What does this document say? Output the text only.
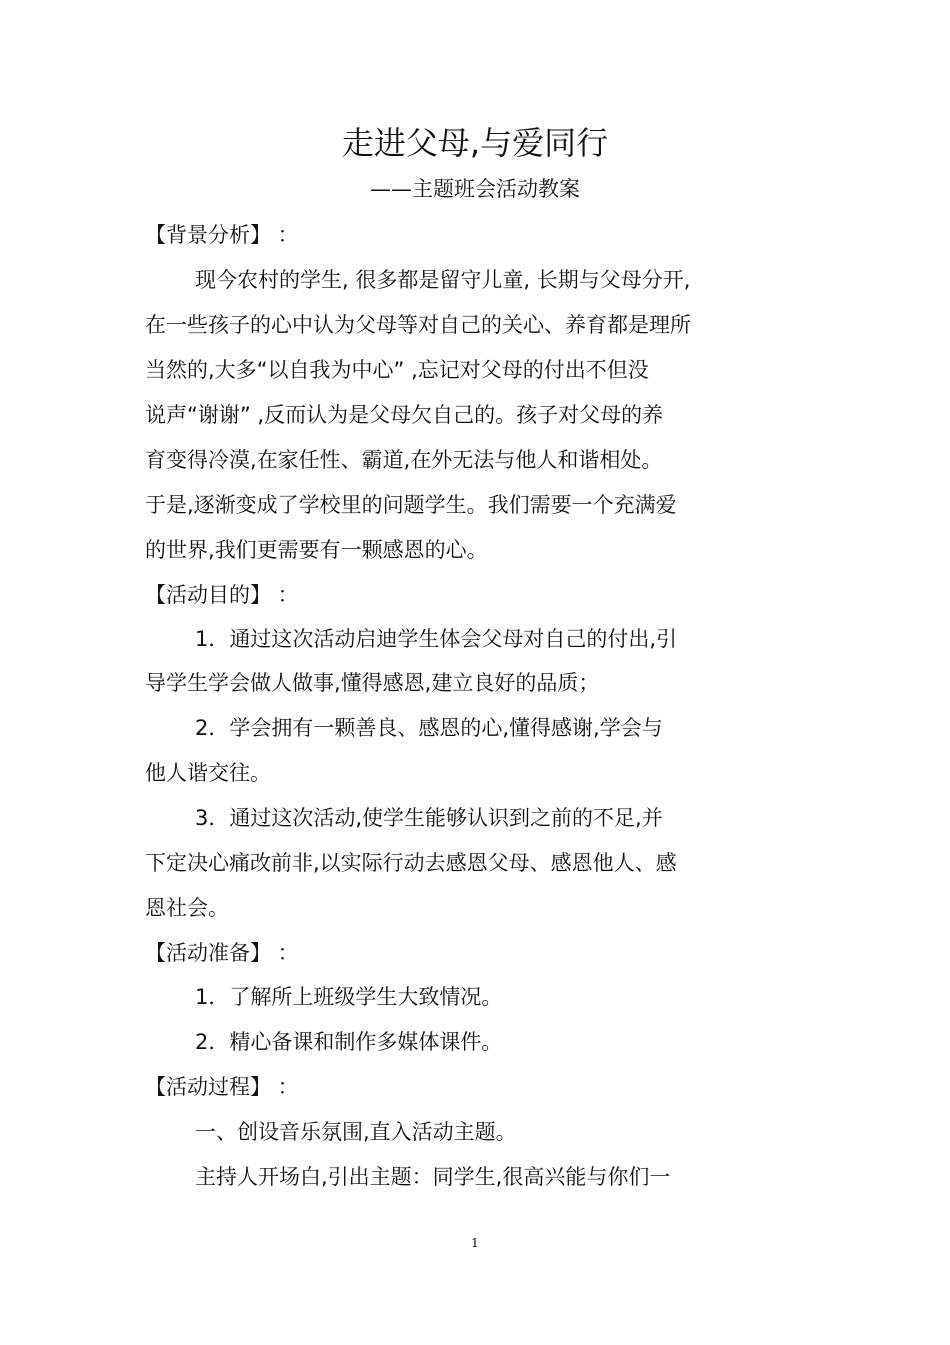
走进父母,与爱同行
——主题班会活动教案
【背景分析】 ：
现今农村的学生, 很多都是留守儿童, 长期与父母分开,
在一些孩子的心中认为父母等对自己的关心、养育都是理所
当然的,大多“以自我为中心” ,忘记对父母的付出不但没
说声“谢谢” ,反而认为是父母欠自己的。孩子对父母的养
育变得冷漠,在家任性、霸道,在外无法与他人和谐相处。
于是,逐渐变成了学校里的问题学生。我们需要一个充满爱
的世界,我们更需要有一颗感恩的心。
【活动目的】 ：
1．通过这次活动启迪学生体会父母对自己的付出,引
导学生学会做人做事,懂得感恩,建立良好的品质；
2．学会拥有一颗善良、感恩的心,懂得感谢,学会与
他人谐交往。
3．通过这次活动,使学生能够认识到之前的不足,并
下定决心痛改前非,以实际行动去感恩父母、感恩他人、感
恩社会。
【活动准备】 ：
1．了解所上班级学生大致情况。
2．精心备课和制作多媒体课件。
【活动过程】 ：
一、创设音乐氛围,直入活动主题。
主持人开场白,引出主题：同学生,很高兴能与你们一
1
